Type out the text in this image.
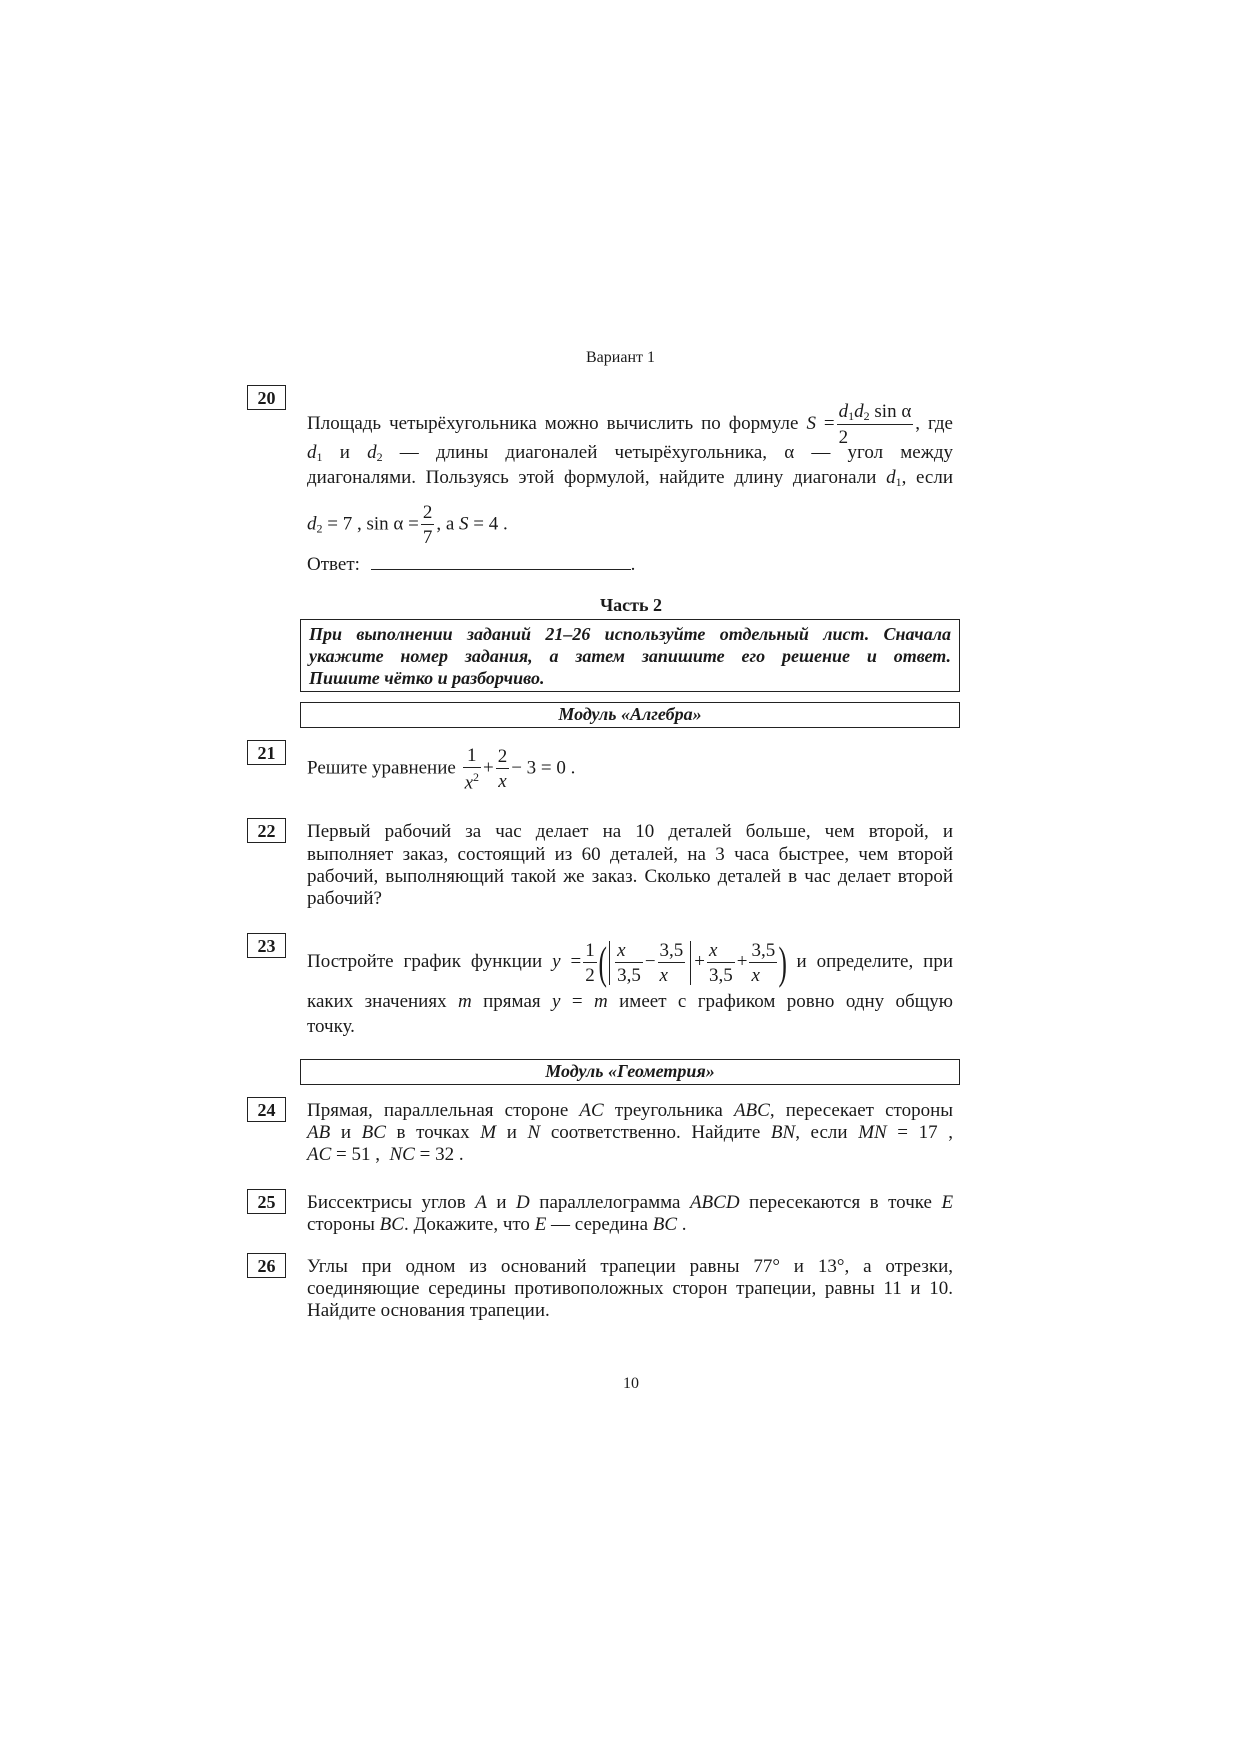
Вариант 1
20
Площадь четырёхугольника можно вычислить по формуле $S = \frac{d_1d_2 \sin \alpha}{2}$ , где
$d_1$ и $d_2$ — длины диагоналей четырёхугольника, α — угол между
диагоналями. Пользуясь этой формулой, найдите длину диагонали $d_1$, если
$d_2 = 7$ , $\sin \alpha = \frac{2}{7}$ , а S = 4 .
Ответ:	.
Часть 2
При выполнении заданий 21–26 используйте отдельный лист. Сначала
укажите номер задания, а затем запишите его решение и ответ.
Пишите чётко и разборчиво.
Модуль «Алгебра»
21
Решите уравнение $\frac{1}{x^2} + \frac{2}{x} - 3 = 0$ .
22	Первый рабочий за час делает на 10 деталей больше, чем второй, и
выполняет заказ, состоящий из 60 деталей, на 3 часа быстрее, чем второй
рабочий, выполняющий такой же заказ. Сколько деталей в час делает второй
рабочий?
23
Постройте график функции $y = \frac{1}{2}$ ( $\frac{x}{3,5} - \frac{3,5}{x} + \frac{x}{3,5} + \frac{3,5}{x}$ ) и определите, при
каких значениях m прямая y = m имеет с графиком ровно одну общую
точку.
Модуль «Геометрия»
24	Прямая, параллельная стороне AC треугольника ABC, пересекает стороны
AB и BC в точках M и N соответственно. Найдите BN, если MN = 17 ,
AC = 51 ,  NC = 32 .
25	Биссектрисы углов A и D параллелограмма ABCD пересекаются в точке E
стороны BC. Докажите, что E — середина BC .
26	Углы при одном из оснований трапеции равны 77° и 13°, а отрезки,
соединяющие середины противоположных сторон трапеции, равны 11 и 10.
Найдите основания трапеции.
10
